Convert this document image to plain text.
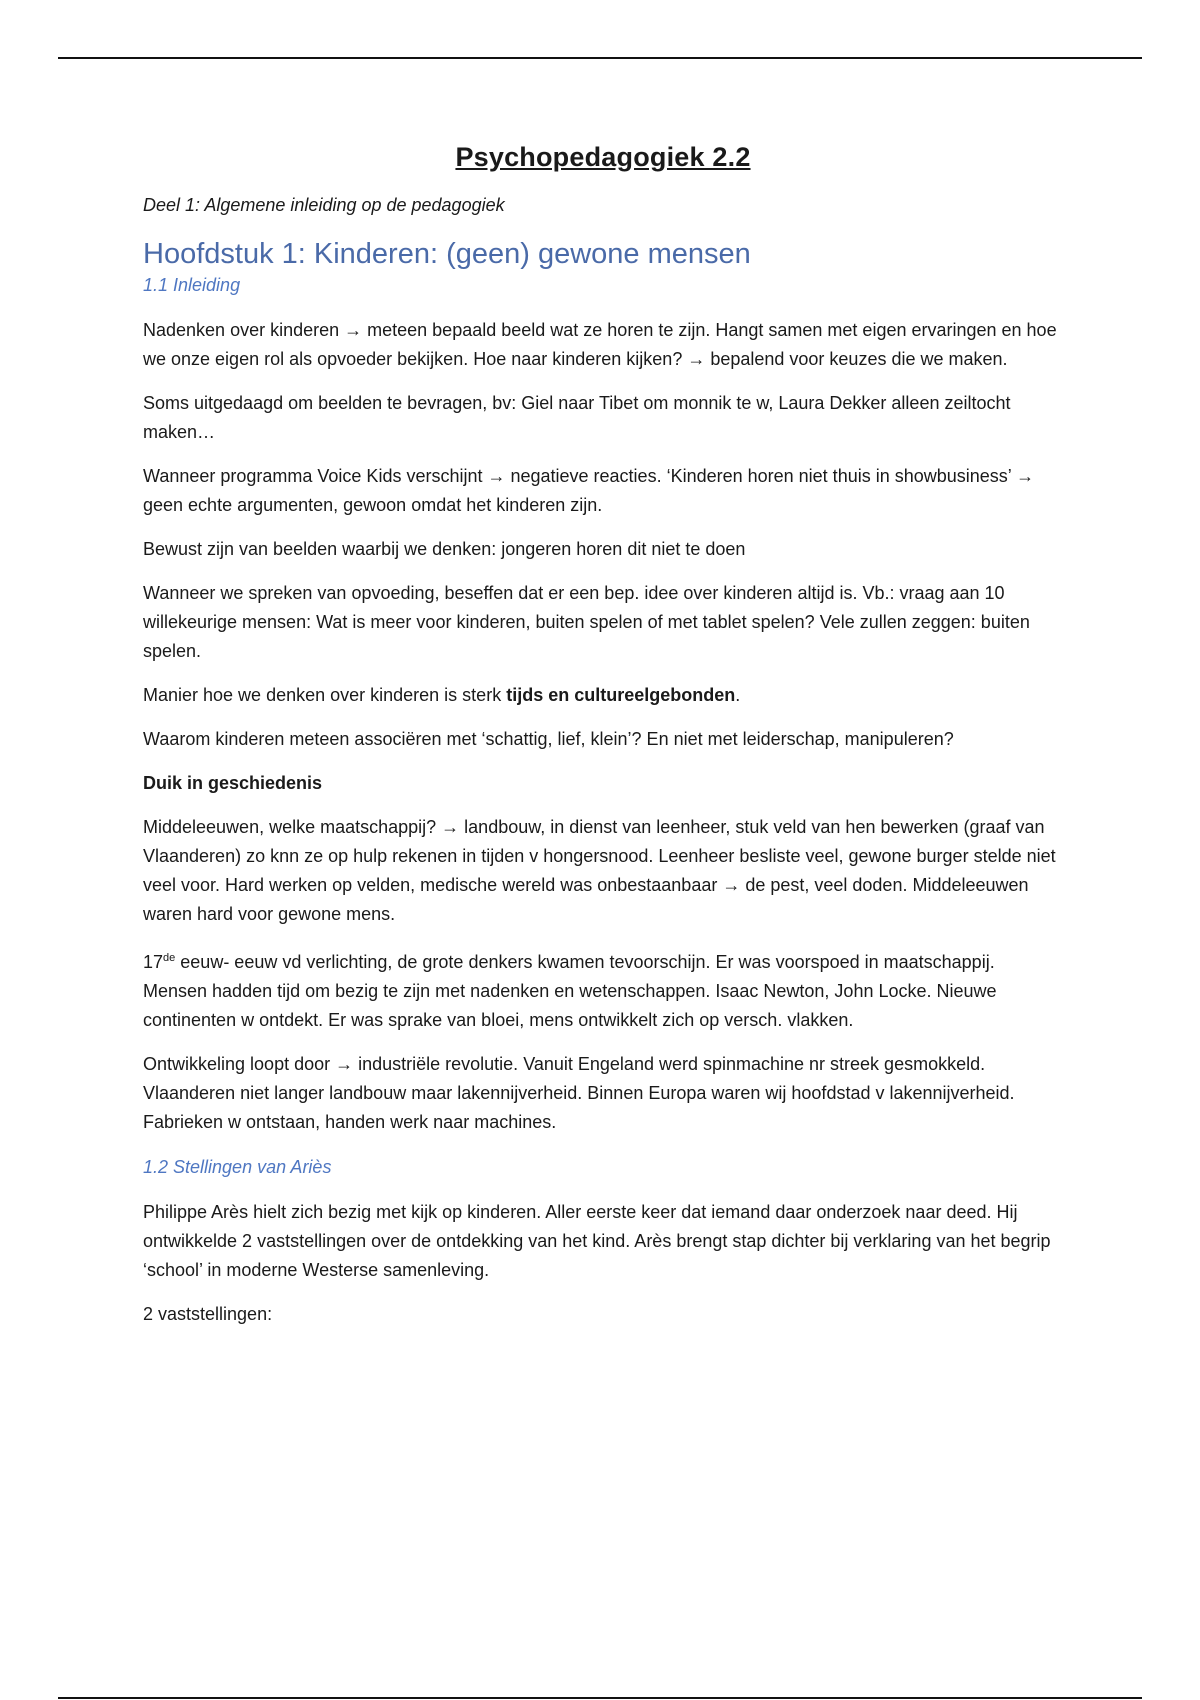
Psychopedagogiek 2.2
Deel 1: Algemene inleiding op de pedagogiek
Hoofdstuk 1: Kinderen: (geen) gewone mensen
1.1 Inleiding

Nadenken over kinderen → meteen bepaald beeld wat ze horen te zijn. Hangt samen met eigen ervaringen en hoe we onze eigen rol als opvoeder bekijken. Hoe naar kinderen kijken? → bepalend voor keuzes die we maken.

Soms uitgedaagd om beelden te bevragen, bv: Giel naar Tibet om monnik te w, Laura Dekker alleen zeiltocht maken…

Wanneer programma Voice Kids verschijnt → negatieve reacties. ‘Kinderen horen niet thuis in showbusiness’ → geen echte argumenten, gewoon omdat het kinderen zijn.

Bewust zijn van beelden waarbij we denken: jongeren horen dit niet te doen

Wanneer we spreken van opvoeding, beseffen dat er een bep. idee over kinderen altijd is. Vb.: vraag aan 10 willekeurige mensen: Wat is meer voor kinderen, buiten spelen of met tablet spelen? Vele zullen zeggen: buiten spelen.

Manier hoe we denken over kinderen is sterk tijds en cultureelgebonden.

Waarom kinderen meteen associëren met ‘schattig, lief, klein’? En niet met leiderschap, manipuleren?

Duik in geschiedenis

Middeleeuwen, welke maatschappij? → landbouw, in dienst van leenheer, stuk veld van hen bewerken (graaf van Vlaanderen) zo knn ze op hulp rekenen in tijden v hongersnood. Leenheer besliste veel, gewone burger stelde niet veel voor. Hard werken op velden, medische wereld was onbestaanbaar → de pest, veel doden. Middeleeuwen waren hard voor gewone mens.

17de eeuw- eeuw vd verlichting, de grote denkers kwamen tevoorschijn. Er was voorspoed in maatschappij. Mensen hadden tijd om bezig te zijn met nadenken en wetenschappen. Isaac Newton, John Locke. Nieuwe continenten w ontdekt. Er was sprake van bloei, mens ontwikkelt zich op versch. vlakken.

Ontwikkeling loopt door → industriële revolutie. Vanuit Engeland werd spinmachine nr streek gesmokkeld. Vlaanderen niet langer landbouw maar lakennijverheid. Binnen Europa waren wij hoofdstad v lakennijverheid. Fabrieken w ontstaan, handen werk naar machines.

1.2 Stellingen van Ariès

Philippe Arès hielt zich bezig met kijk op kinderen. Aller eerste keer dat iemand daar onderzoek naar deed. Hij ontwikkelde 2 vaststellingen over de ontdekking van het kind. Arès brengt stap dichter bij verklaring van het begrip ‘school’ in moderne Westerse samenleving.

2 vaststellingen:
